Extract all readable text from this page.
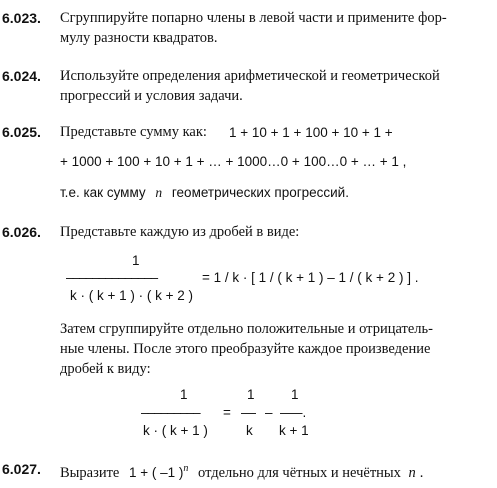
6.023. Сгруппируйте попарно члены в левой части и примените фор-
мулу разности квадратов.
6.024. Используйте определения арифметической и геометрической
прогрессий и условия задачи.
6.025. Представьте сумму как: 1 + 10 + 1 + 100 + 10 + 1 +
+ 1000 + 100 + 10 + 1 + … + 1000…0 + 100…0 + … + 1 ,
т.е. как сумму n геометрических прогрессий.
6.026. Представьте каждую из дробей в виде:
1
––––––––––––––	= 1 / k · [ 1 / ( k + 1 ) – 1 / ( k + 2 ) ] .
k · ( k + 1 ) · ( k + 2 )
Затем сгруппируйте отдельно положительные и отрицатель-
ные члены. После этого преобразуйте каждое произведение
дробей к виду:
1
–––––––––
k · ( k + 1 )
=
1
––
k
–
1
–––.
k + 1
6.027. Выразите 1 + ( –1 )$^n$ отдельно для чётных и нечётных n .
